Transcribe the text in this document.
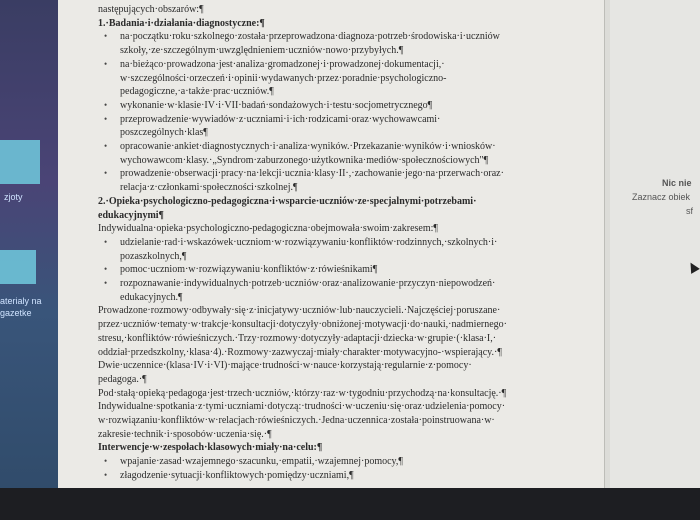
zjoty
aterialy na
gazetke
następujących·obszarów:¶
1.·Badania·i·działania·diagnostyczne:¶
• na·początku·roku·szkolnego·została·przeprowadzona·diagnoza·potrzeb·środowiska·i·uczniów
szkoły,·ze·szczególnym·uwzględnieniem·uczniów·nowo·przybyłych.¶
• na·bieżąco·prowadzona·jest·analiza·gromadzonej·i·prowadzonej·dokumentacji,·
w·szczególności·orzeczeń·i·opinii·wydawanych·przez·poradnie·psychologiczno-
pedagogiczne,·a·także·prac·uczniów.¶
• wykonanie·w·klasie·IV·i·VII·badań·sondażowych·i·testu·socjometrycznego¶
• przeprowadzenie·wywiadów·z·uczniami·i·ich·rodzicami·oraz·wychowawcami·
poszczególnych·klas¶
• opracowanie·ankiet·diagnostycznych·i·analiza·wyników.·Przekazanie·wyników·i·wniosków·
wychowawcom·klasy.·„Syndrom·zaburzonego·użytkownika·mediów·społecznościowych"¶
• prowadzenie·obserwacji·pracy·na·lekcji·ucznia·klasy·II·,·zachowanie·jego·na·przerwach·oraz·
relacja·z·członkami·społeczności·szkolnej.¶
2.·Opieka·psychologiczno-pedagogiczna·i·wsparcie·uczniów·ze·specjalnymi·potrzebami·
edukacyjnymi¶
Indywidualna·opieka·psychologiczno-pedagogiczna·obejmowała·swoim·zakresem:¶
• udzielanie·rad·i·wskazówek·uczniom·w·rozwiązywaniu·konfliktów·rodzinnych,·szkolnych·i·
pozaszkolnych,¶
• pomoc·uczniom·w·rozwiązywaniu·konfliktów·z·rówieśnikami¶
• rozpoznawanie·indywidualnych·potrzeb·uczniów·oraz·analizowanie·przyczyn·niepowodzeń·
edukacyjnych.¶
Prowadzone·rozmowy·odbywały·się·z·inicjatywy·uczniów·lub·nauczycieli.·Najczęściej·poruszane·
przez·uczniów·tematy·w·trakcje·konsultacji·dotyczyły·obniżonej·motywacji·do·nauki,·nadmiernego·
stresu,·konfliktów·rówieśniczych.·Trzy·rozmowy·dotyczyły·adaptacji·dziecka·w·grupie·(·klasa·I,·
oddział·przedszkolny,·klasa·4).·Rozmowy·zazwyczaj·miały·charakter·motywacyjno-·wspierający.·¶
Dwie·uczennice·(klasa·IV·i·VI)·mające·trudności·w·nauce·korzystają·regularnie·z·pomocy·
pedagoga.·¶
Pod·stałą·opieką·pedagoga·jest·trzech·uczniów,·którzy·raz·w·tygodniu·przychodzą·na·konsultację.·¶
Indywidualne·spotkania·z·tymi·uczniami·dotyczą:·trudności·w·uczeniu·się·oraz·udzielenia·pomocy·
w·rozwiązaniu·konfliktów·w·relacjach·rówieśniczych.·Jedna·uczennica·została·poinstruowana·w·
zakresie·technik·i·sposobów·uczenia·się.·¶
Interwencje·w·zespołach·klasowych·miały·na·celu:¶
• wpajanie·zasad·wzajemnego·szacunku,·empatii,·wzajemnej·pomocy,¶
• złagodzenie·sytuacji·konfliktowych·pomiędzy·uczniami,¶
Nic nie
Zaznacz obiek
sf
